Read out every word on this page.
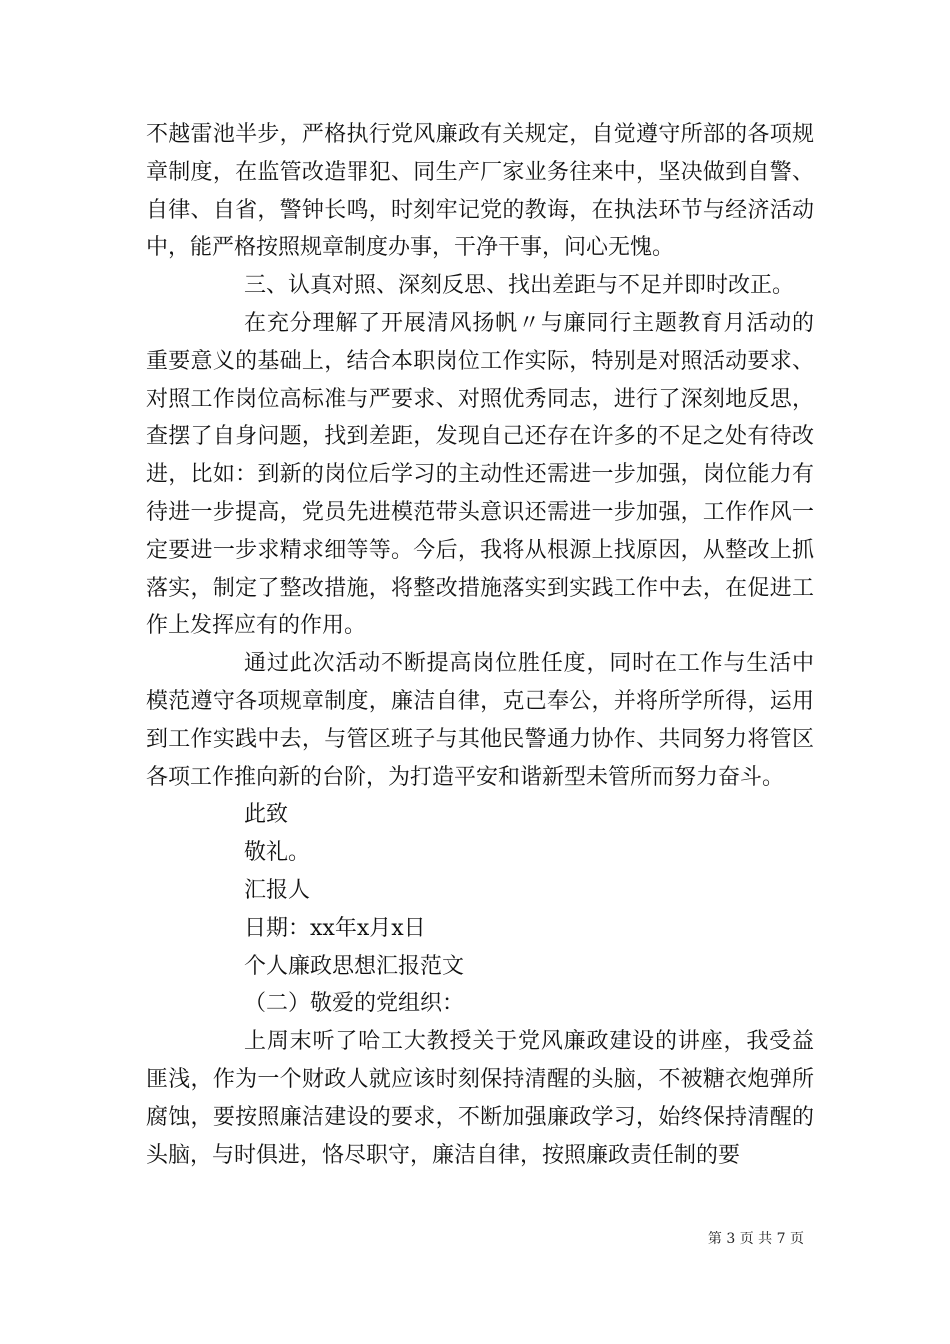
不越雷池半步，严格执行党风廉政有关规定，自觉遵守所部的各项规章制度，在监管改造罪犯、同生产厂家业务往来中，坚决做到自警、自律、自省，警钟长鸣，时刻牢记党的教诲，在执法环节与经济活动中，能严格按照规章制度办事，干净干事，问心无愧。

三、认真对照、深刻反思、找出差距与不足并即时改正。

在充分理解了开展清风扬帆〃与廉同行主题教育月活动的重要意义的基础上，结合本职岗位工作实际，特别是对照活动要求、对照工作岗位高标准与严要求、对照优秀同志，进行了深刻地反思，查摆了自身问题，找到差距，发现自己还存在许多的不足之处有待改进，比如：到新的岗位后学习的主动性还需进一步加强，岗位能力有待进一步提高，党员先进模范带头意识还需进一步加强，工作作风一定要进一步求精求细等等。今后，我将从根源上找原因，从整改上抓落实，制定了整改措施，将整改措施落实到实践工作中去，在促进工作上发挥应有的作用。

通过此次活动不断提高岗位胜任度，同时在工作与生活中模范遵守各项规章制度，廉洁自律，克己奉公，并将所学所得，运用到工作实践中去，与管区班子与其他民警通力协作、共同努力将管区各项工作推向新的台阶，为打造平安和谐新型未管所而努力奋斗。

此致

敬礼。

汇报人

日期：xx年x月x日

个人廉政思想汇报范文

（二）敬爱的党组织：

上周末听了哈工大教授关于党风廉政建设的讲座，我受益匪浅，作为一个财政人就应该时刻保持清醒的头脑，不被糖衣炮弹所腐蚀，要按照廉洁建设的要求，不断加强廉政学习，始终保持清醒的头脑，与时俱进，恪尽职守，廉洁自律，按照廉政责任制的要

第 3 页 共 7 页
